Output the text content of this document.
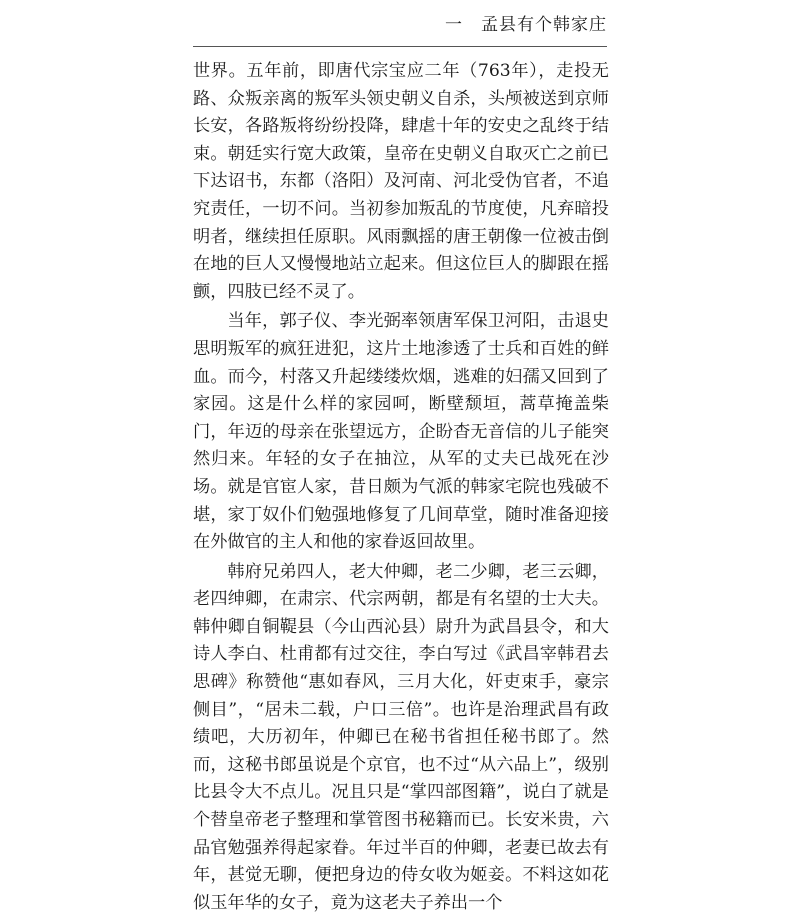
一　孟县有个韩家庄

世界。五年前，即唐代宗宝应二年（763年），走投无路、众叛亲离的叛军头领史朝义自杀，头颅被送到京师长安，各路叛将纷纷投降，肆虐十年的安史之乱终于结束。朝廷实行宽大政策，皇帝在史朝义自取灭亡之前已下达诏书，东都（洛阳）及河南、河北受伪官者，不追究责任，一切不问。当初参加叛乱的节度使，凡弃暗投明者，继续担任原职。风雨飘摇的唐王朝像一位被击倒在地的巨人又慢慢地站立起来。但这位巨人的脚跟在摇颤，四肢已经不灵了。

当年，郭子仪、李光弼率领唐军保卫河阳，击退史思明叛军的疯狂进犯，这片土地渗透了士兵和百姓的鲜血。而今，村落又升起缕缕炊烟，逃难的妇孺又回到了家园。这是什么样的家园呵，断壁颓垣，蒿草掩盖柴门，年迈的母亲在张望远方，企盼杳无音信的儿子能突然归来。年轻的女子在抽泣，从军的丈夫已战死在沙场。就是官宦人家，昔日颇为气派的韩家宅院也残破不堪，家丁奴仆们勉强地修复了几间草堂，随时准备迎接在外做官的主人和他的家眷返回故里。

韩府兄弟四人，老大仲卿，老二少卿，老三云卿，老四绅卿，在肃宗、代宗两朝，都是有名望的士大夫。韩仲卿自铜鞮县（今山西沁县）尉升为武昌县令，和大诗人李白、杜甫都有过交往，李白写过《武昌宰韩君去思碑》称赞他“惠如春风，三月大化，奸吏束手，豪宗侧目”，“居未二载，户口三倍”。也许是治理武昌有政绩吧，大历初年，仲卿已在秘书省担任秘书郎了。然而，这秘书郎虽说是个京官，也不过“从六品上”，级别比县令大不点儿。况且只是“掌四部图籍”，说白了就是个替皇帝老子整理和掌管图书秘籍而已。长安米贵，六品官勉强养得起家眷。年过半百的仲卿，老妻已故去有年，甚觉无聊，便把身边的侍女收为姬妾。不料这如花似玉年华的女子，竟为这老夫子养出一个
